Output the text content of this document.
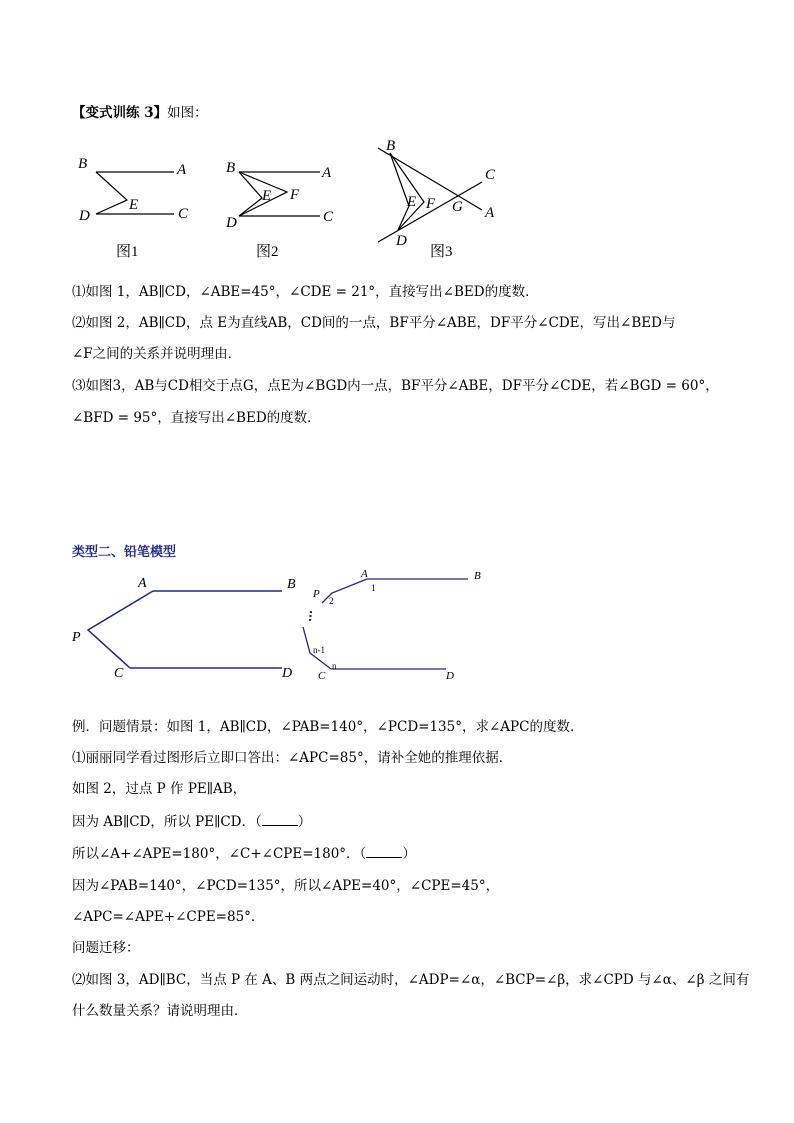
【变式训练 3】如图：
B	A
E
D	C
图1
B	A
E F
D	C
图2
B
C
E F G A
D
图3
⑴如图 1，AB∥CD，∠ABE=45°，∠CDE = 21°，直接写出∠BED的度数．
⑵如图 2，AB∥CD，点 E为直线AB，CD间的一点，BF平分∠ABE，DF平分∠CDE，写出∠BED与
∠F之间的关系并说明理由．
⑶如图3，AB与CD相交于点G，点E为∠BGD内一点，BF平分∠ABE，DF平分∠CDE，若∠BGD = 60°，
∠BFD = 95°，直接写出∠BED的度数．
类型二、铅笔模型
A	B
P
C	D
A	B
P	1
2
n-1
n
C	D
例．问题情景：如图 1，AB∥CD，∠PAB=140°，∠PCD=135°，求∠APC的度数．
⑴丽丽同学看过图形后立即口答出：∠APC=85°，请补全她的推理依据．
如图 2，过点 P 作 PE∥AB，
因为 AB∥CD，所以 PE∥CD．（	）
所以∠A+∠APE=180°，∠C+∠CPE=180°．（	）
因为∠PAB=140°，∠PCD=135°，所以∠APE=40°，∠CPE=45°，
∠APC=∠APE+∠CPE=85°．
问题迁移：
⑵如图 3，AD∥BC，当点 P 在 A、B 两点之间运动时，∠ADP=∠α，∠BCP=∠β，求∠CPD 与∠α、∠β 之间有
什么数量关系？请说明理由．
